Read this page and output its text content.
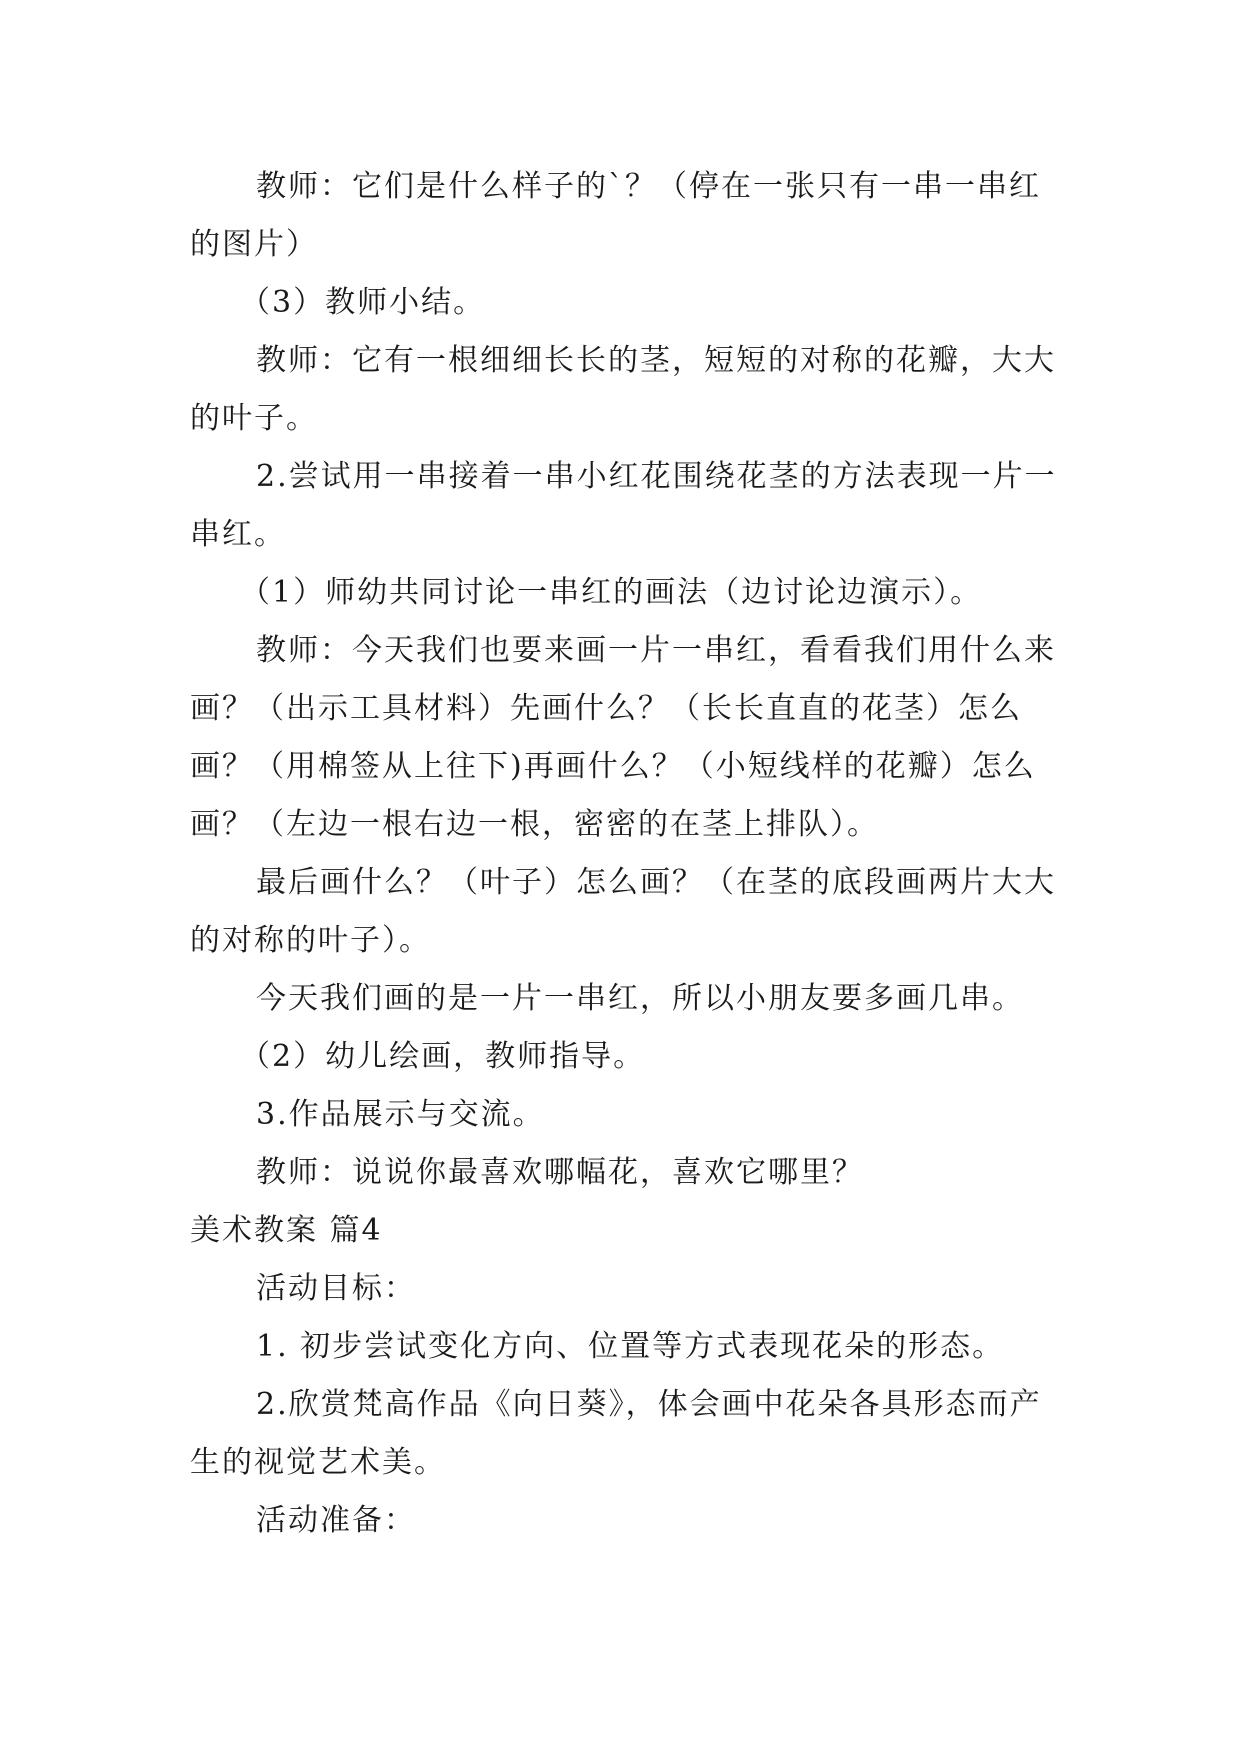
教师：它们是什么样子的`？（停在一张只有一串一串红的图片）

（3）教师小结。

教师：它有一根细细长长的茎，短短的对称的花瓣，大大的叶子。

2.尝试用一串接着一串小红花围绕花茎的方法表现一片一串红。

（1）师幼共同讨论一串红的画法（边讨论边演示）。

教师：今天我们也要来画一片一串红，看看我们用什么来画？（出示工具材料）先画什么？（长长直直的花茎）怎么画？（用棉签从上往下)再画什么？（小短线样的花瓣）怎么画？（左边一根右边一根，密密的在茎上排队）。

最后画什么？（叶子）怎么画？（在茎的底段画两片大大的对称的叶子）。

今天我们画的是一片一串红，所以小朋友要多画几串。

（2）幼儿绘画，教师指导。

3.作品展示与交流。

教师：说说你最喜欢哪幅花，喜欢它哪里？

美术教案 篇4

活动目标：

1. 初步尝试变化方向、位置等方式表现花朵的形态。

2.欣赏梵高作品《向日葵》，体会画中花朵各具形态而产生的视觉艺术美。

活动准备：
